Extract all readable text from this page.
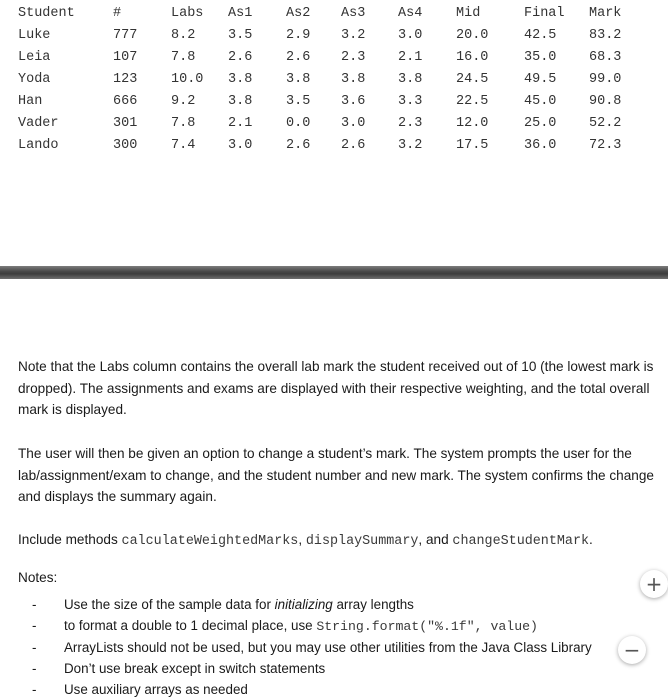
Student	#	Labs As1 As2 As3 As4 Mid	Final Mark
Luke	777 8.2 3.5 2.9 3.2 3.0 20.0	42.5 83.2
Leia	107 7.8 2.6 2.6 2.3 2.1 16.0	35.0 68.3
Yoda	123 10.0 3.8 3.8 3.8 3.8 24.5	49.5 99.0
Han	666 9.2 3.8 3.5 3.6 3.3 22.5	45.0 90.8
Vader	301 7.8 2.1 0.0 3.0 2.3 12.0	25.0 52.2
Lando	300 7.4 3.0 2.6 2.6 3.2 17.5	36.0 72.3
Note that the Labs column contains the overall lab mark the student received out of 10 (the lowest mark is dropped). The assignments and exams are displayed with their respective weighting, and the total overall mark is displayed.
The user will then be given an option to change a student’s mark. The system prompts the user for the lab/assignment/exam to change, and the student number and new mark. The system confirms the change and displays the summary again.
Include methods calculateWeightedMarks, displaySummary, and changeStudentMark.
Notes:
- Use the size of the sample data for initializing array lengths
- to format a double to 1 decimal place, use String.format("%.1f", value)
- ArrayLists should not be used, but you may use other utilities from the Java Class Library
- Don’t use break except in switch statements
- Use auxiliary arrays as needed
+
−
